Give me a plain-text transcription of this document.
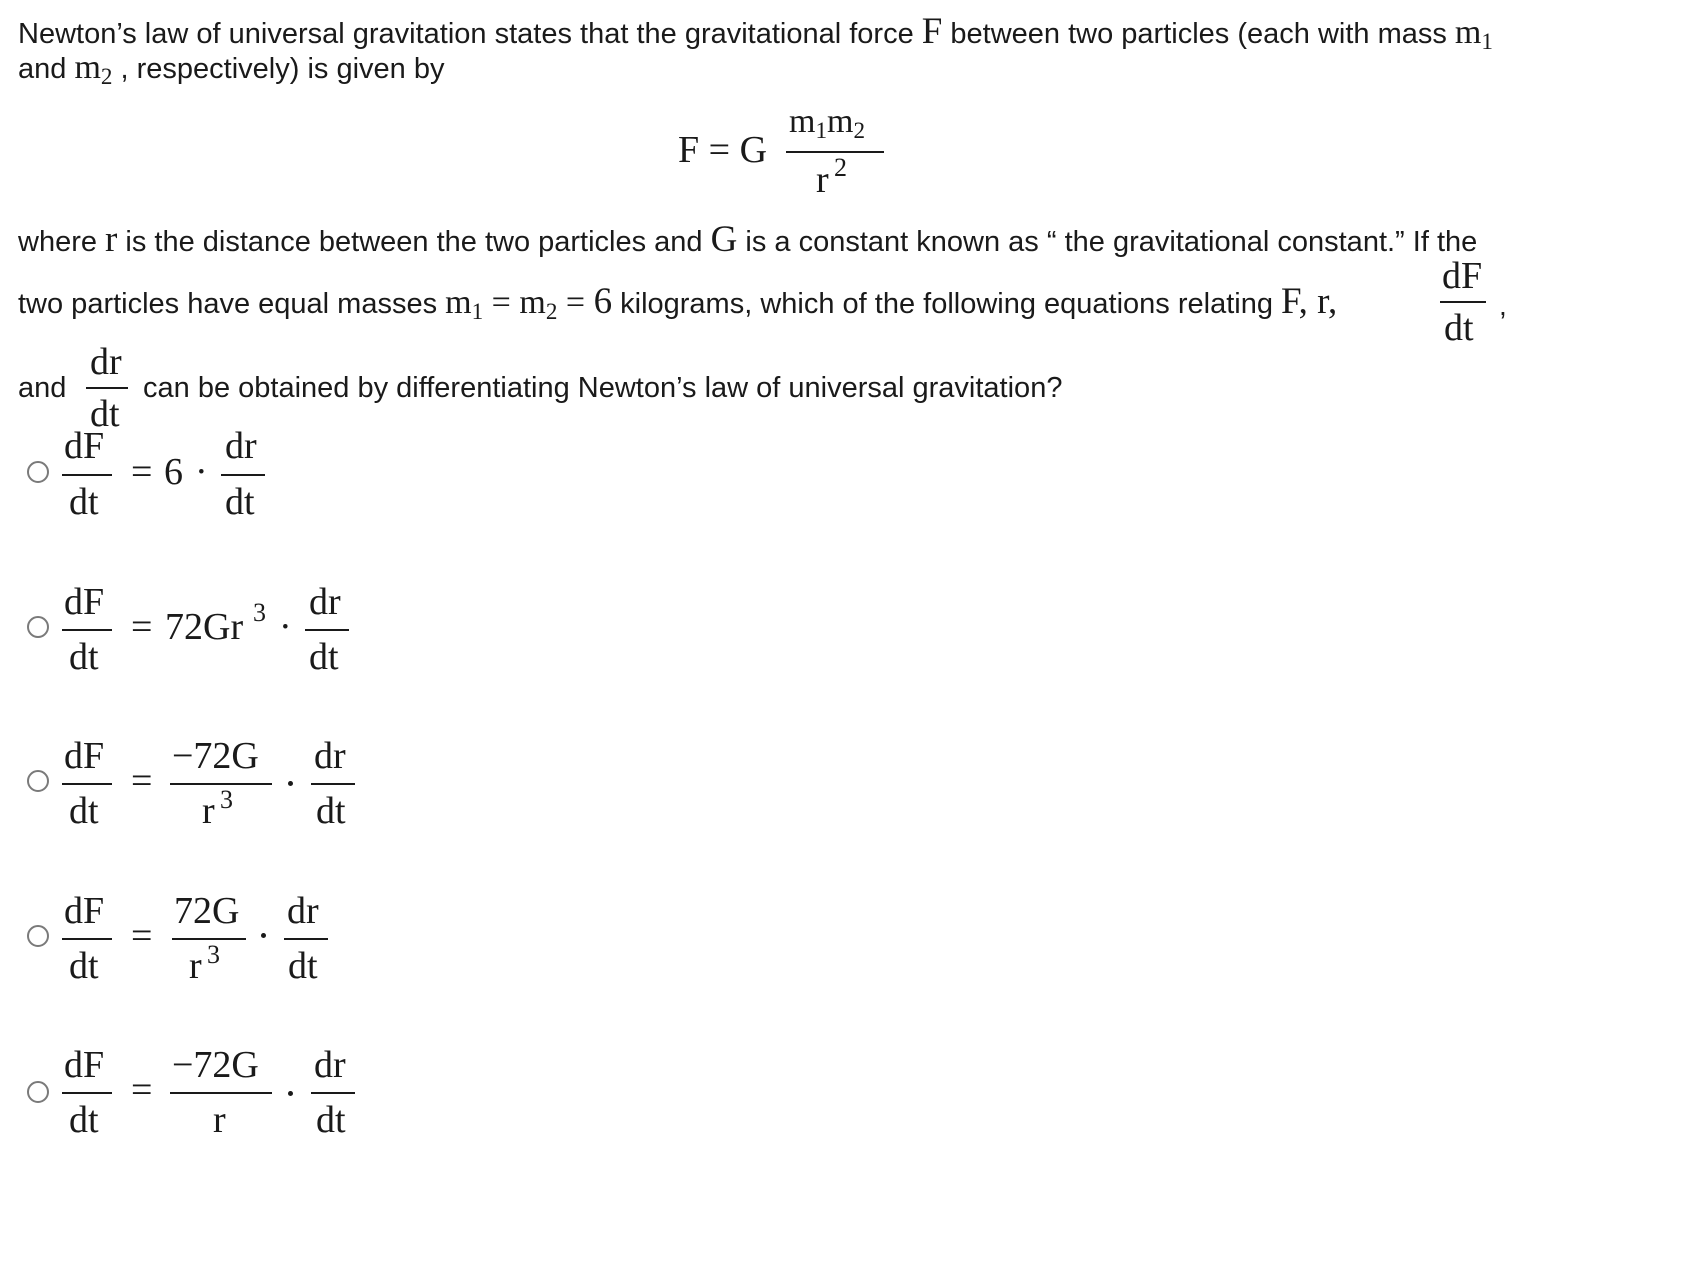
Newton’s law of universal gravitation states that the gravitational force F between two particles (each with mass m1
and m2 , respectively) is given by
F = G
m1m2
r 2
where r is the distance between the two particles and G is a constant known as “ the gravitational constant.” If the
two particles have equal masses m1 = m2 = 6 kilograms, which of the following equations relating F, r,
dF
dt
,
and
dr
dt
can be obtained by differentiating Newton’s law of universal gravitation?
dF
dt
= 6 ·
dr
dt
dF
dt
= 72Gr 3 ·
dr
dt
dF
dt
=
−72G
r 3
dr
dt
dF
dt
=
72G
r 3
dr
dt
dF
dt
=
−72G
r
dr
dt
